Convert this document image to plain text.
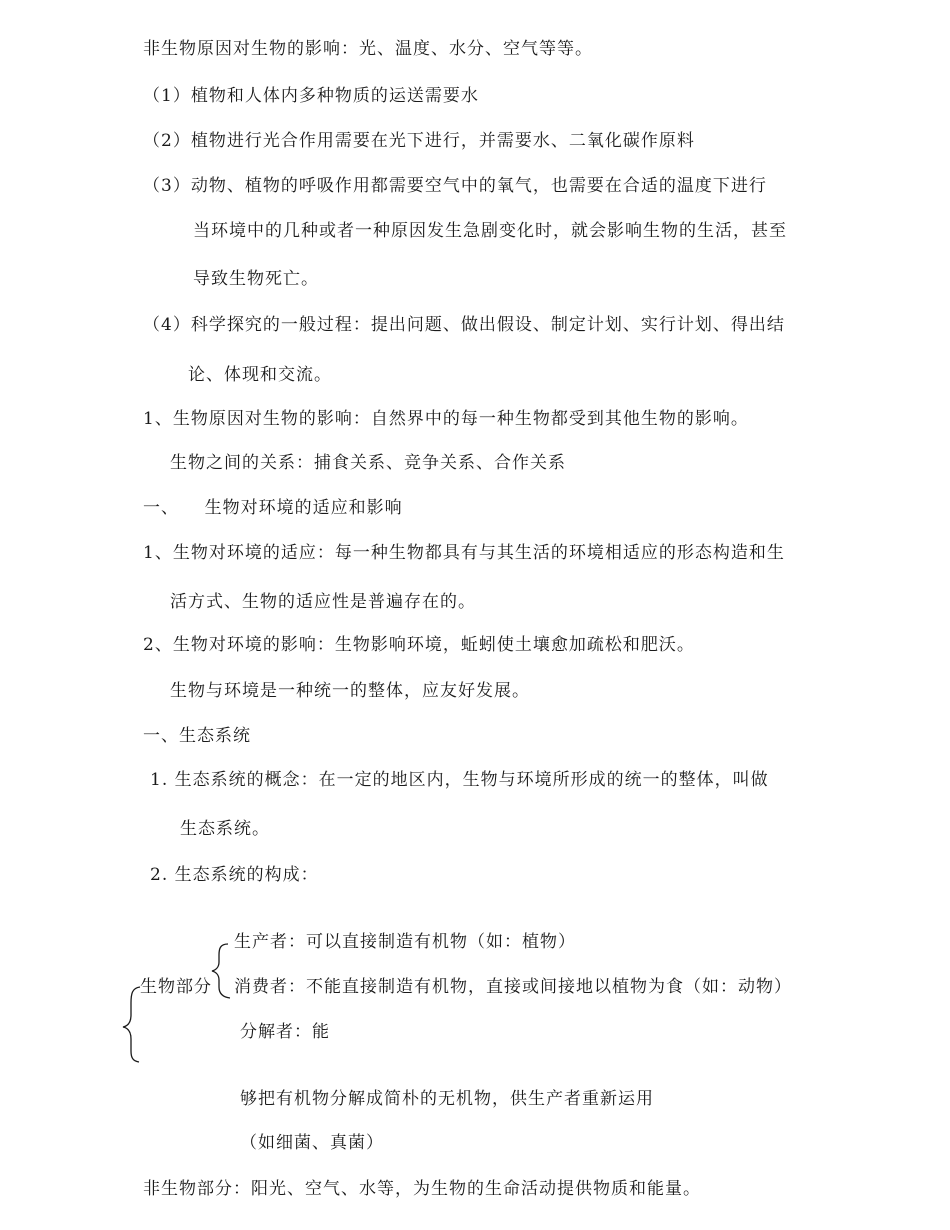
非生物原因对生物的影响：光、温度、水分、空气等等。
（1）植物和人体内多种物质的运送需要水
（2）植物进行光合作用需要在光下进行，并需要水、二氧化碳作原料
（3）动物、植物的呼吸作用都需要空气中的氧气，也需要在合适的温度下进行
当环境中的几种或者一种原因发生急剧变化时，就会影响生物的生活，甚至
导致生物死亡。
（4）科学探究的一般过程：提出问题、做出假设、制定计划、实行计划、得出结
论、体现和交流。
1、生物原因对生物的影响：自然界中的每一种生物都受到其他生物的影响。
生物之间的关系：捕食关系、竞争关系、合作关系
一、    生物对环境的适应和影响
1、生物对环境的适应：每一种生物都具有与其生活的环境相适应的形态构造和生
活方式、生物的适应性是普遍存在的。
2、生物对环境的影响：生物影响环境，蚯蚓使土壤愈加疏松和肥沃。
生物与环境是一种统一的整体，应友好发展。
一、生态系统
1. 生态系统的概念：在一定的地区内，生物与环境所形成的统一的整体，叫做
生态系统。
2. 生态系统的构成：
生产者：可以直接制造有机物（如：植物）
生物部分 消费者：不能直接制造有机物，直接或间接地以植物为食（如：动物）
分解者：能
够把有机物分解成简朴的无机物，供生产者重新运用
（如细菌、真菌）
非生物部分：阳光、空气、水等，为生物的生命活动提供物质和能量。
